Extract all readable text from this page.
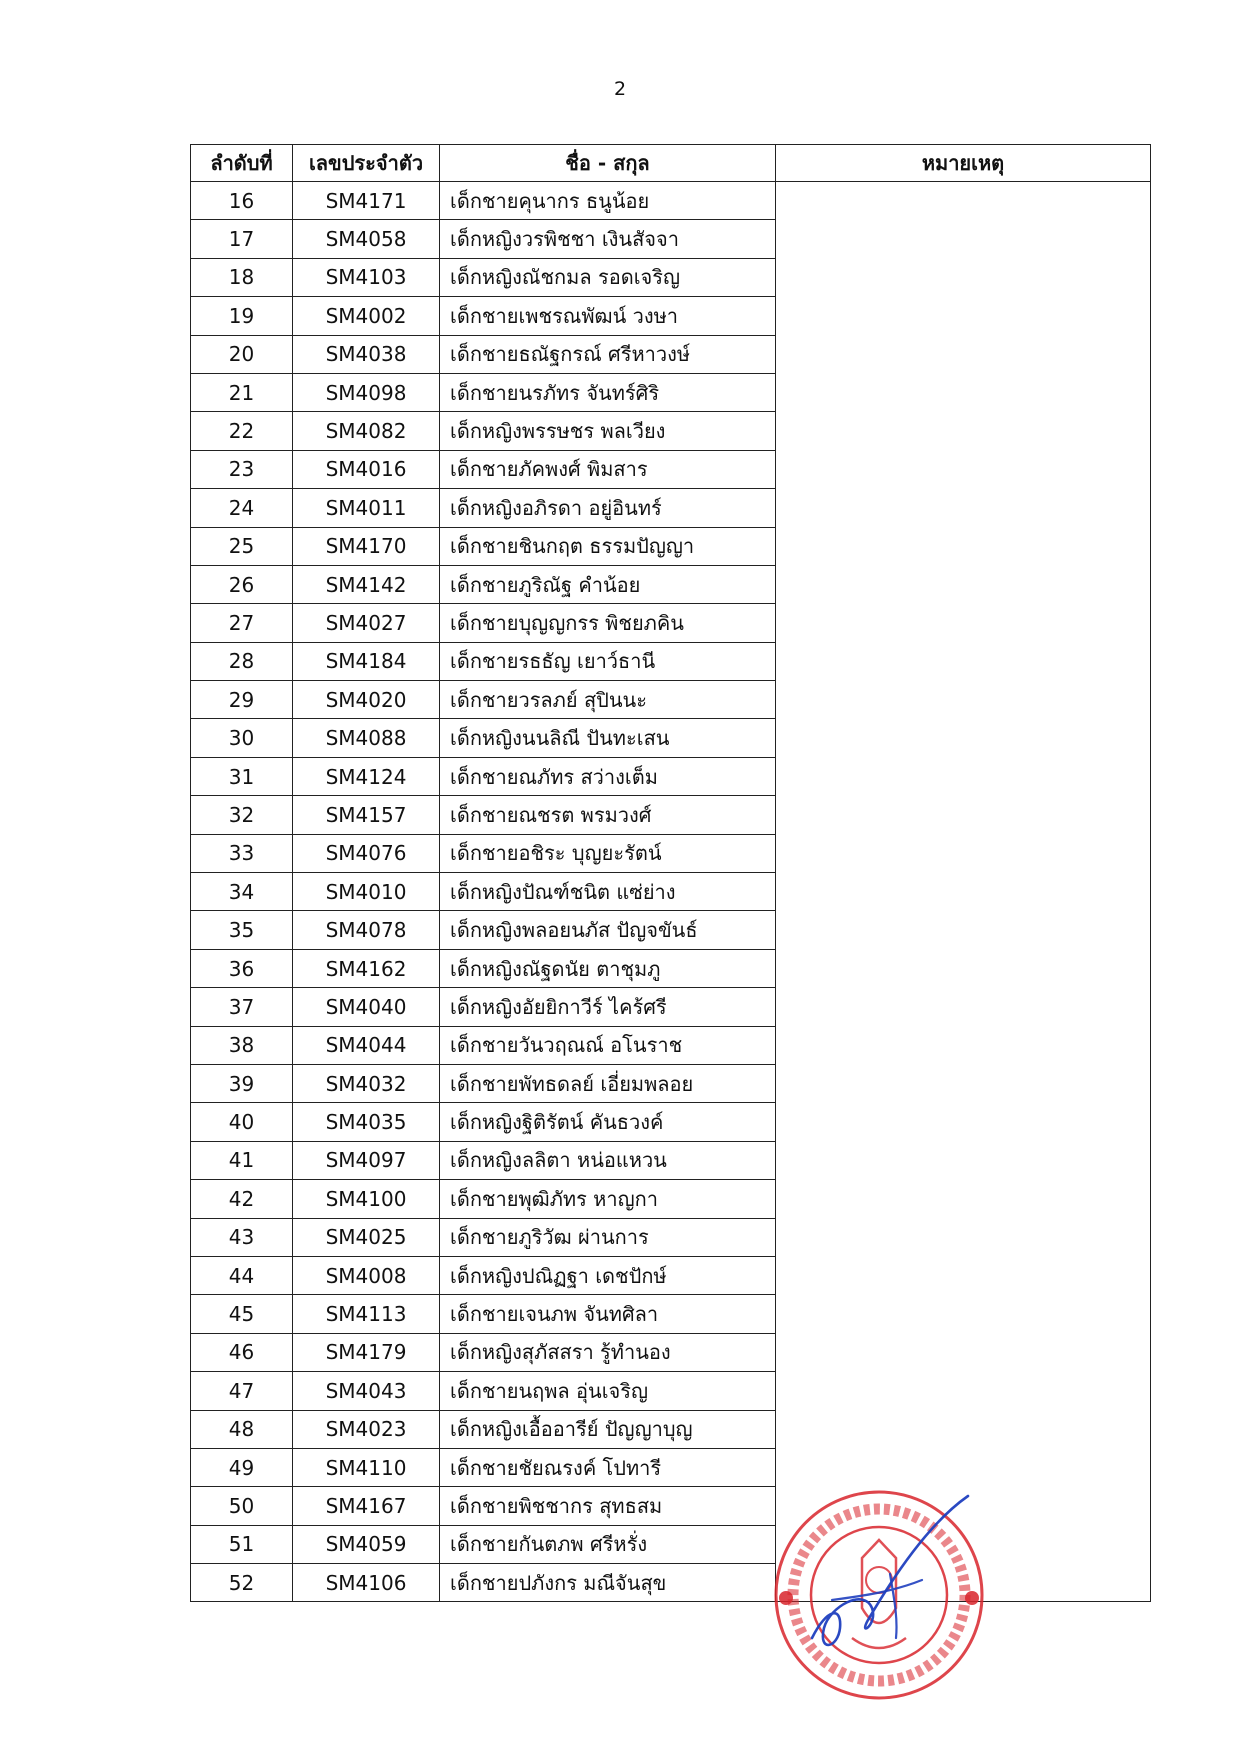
2
ลำดับที่	เลขประจำตัว	ชื่อ - สกุล	หมายเหตุ
16	SM4171	เด็กชายคุนากร ธนูน้อย	
17	SM4058	เด็กหญิงวรพิชชา เงินสัจจา	
18	SM4103	เด็กหญิงณัชกมล รอดเจริญ	
19	SM4002	เด็กชายเพชรณพัฒน์ วงษา	
20	SM4038	เด็กชายธณัฐกรณ์ ศรีหาวงษ์	
21	SM4098	เด็กชายนรภัทร จันทร์ศิริ	
22	SM4082	เด็กหญิงพรรษชร พลเวียง	
23	SM4016	เด็กชายภัคพงศ์ พิมสาร	
24	SM4011	เด็กหญิงอภิรดา อยู่อินทร์	
25	SM4170	เด็กชายชินกฤต ธรรมปัญญา	
26	SM4142	เด็กชายภูริณัฐ คำน้อย	
27	SM4027	เด็กชายบุญญกรร พิชยภคิน	
28	SM4184	เด็กชายรธธัญ เยาว์ธานี	
29	SM4020	เด็กชายวรลภย์ สุปินนะ	
30	SM4088	เด็กหญิงนนลิณี ปันทะเสน	
31	SM4124	เด็กชายณภัทร สว่างเต็ม	
32	SM4157	เด็กชายณชรต พรมวงศ์	
33	SM4076	เด็กชายอชิระ บุญยะรัตน์	
34	SM4010	เด็กหญิงปัณฑ์ชนิต แซ่ย่าง	
35	SM4078	เด็กหญิงพลอยนภัส ปัญจขันธ์	
36	SM4162	เด็กหญิงณัฐดนัย ตาชุมภู	
37	SM4040	เด็กหญิงอัยยิกาวีร์ ไคร้ศรี	
38	SM4044	เด็กชายวันวฤณณ์ อโนราช	
39	SM4032	เด็กชายพัทธดลย์ เอี่ยมพลอย	
40	SM4035	เด็กหญิงฐิติรัตน์ คันธวงค์	
41	SM4097	เด็กหญิงลลิตา หน่อแหวน	
42	SM4100	เด็กชายพุฒิภัทร หาญกา	
43	SM4025	เด็กชายภูริวัฒ ผ่านการ	
44	SM4008	เด็กหญิงปณิฏฐา เดชปักษ์	
45	SM4113	เด็กชายเจนภพ จันทศิลา	
46	SM4179	เด็กหญิงสุภัสสรา รู้ทำนอง	
47	SM4043	เด็กชายนฤพล อุ่นเจริญ	
48	SM4023	เด็กหญิงเอื้ออารีย์ ปัญญาบุญ	
49	SM4110	เด็กชายชัยณรงค์ โปทารี	
50	SM4167	เด็กชายพิชชากร สุทธสม	
51	SM4059	เด็กชายกันตภพ ศรีหรั่ง	
52	SM4106	เด็กชายปภังกร มณีจันสุข	
